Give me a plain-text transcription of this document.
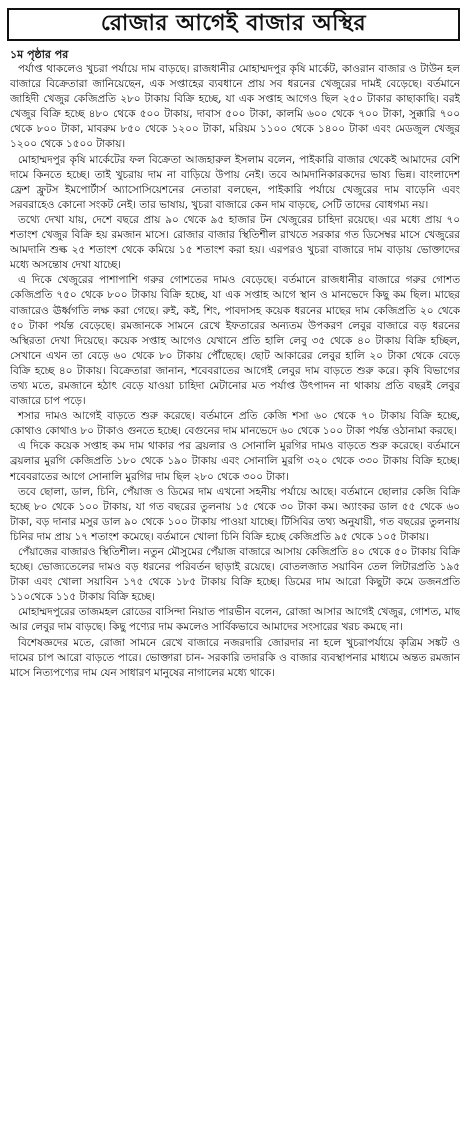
রোজার আগেই বাজার অস্থির
১ম পৃষ্ঠার পর

পর্যাপ্ত থাকলেও খুচরা পর্যায়ে দাম বাড়ছে। রাজধানীর মোহাম্মদপুর কৃষি মার্কেট, কাওরান বাজার ও টাউন হল বাজারে বিক্রেতারা জানিয়েছেন, এক সপ্তাহের ব্যবধানে প্রায় সব ধরনের খেজুরের দামই বেড়েছে। বর্তমানে জাহিদী খেজুর কেজিপ্রতি ২৮০ টাকায় বিক্রি হচ্ছে, যা এক সপ্তাহ আগেও ছিল ২৫০ টাকার কাছাকাছি। বরই খেজুর বিক্রি হচ্ছে ৪৮০ থেকে ৫০০ টাকায়, দাবাস ৫০০ টাকা, কালমি ৬০০ থেকে ৭০০ টাকা, সুক্কারি ৭০০ থেকে ৮০০ টাকা, মাবরুম ৮৫০ থেকে ১২০০ টাকা, মরিয়ম ১১০০ থেকে ১৪০০ টাকা এবং মেডজুল খেজুর ১২০০ থেকে ১৫০০ টাকায়।

মোহাম্মদপুর কৃষি মার্কেটের ফল বিক্রেতা আজহারুল ইসলাম বলেন, পাইকারি বাজার থেকেই আমাদের বেশি দামে কিনতে হচ্ছে। তাই খুচরায় দাম না বাড়িয়ে উপায় নেই। তবে আমদানিকারকদের ভাষ্য ভিন্ন। বাংলাদেশ ফ্রেশ ফ্রুটস ইমপোর্টার্স অ্যাসোসিয়েশনের নেতারা বলছেন, পাইকারি পর্যায়ে খেজুরের দাম বাড়েনি এবং সরবরাহেও কোনো সংকট নেই। তার ভাষায়, খুচরা বাজারে কেন দাম বাড়ছে, সেটি তাদের বোধগম্য নয়।

তথ্যে দেখা যায়, দেশে বছরে প্রায় ৯০ থেকে ৯৫ হাজার টন খেজুরের চাহিদা রয়েছে। এর মধ্যে প্রায় ৭০ শতাংশ খেজুর বিক্রি হয় রমজান মাসে। রোজার বাজার স্থিতিশীল রাখতে সরকার গত ডিসেম্বর মাসে খেজুরের আমদানি শুল্ক ২৫ শতাংশ থেকে কমিয়ে ১৫ শতাংশ করা হয়। এরপরও খুচরা বাজারে দাম বাড়ায় ভোক্তাদের মধ্যে অসন্তোষ দেখা যাচ্ছে।

এ দিকে খেজুরের পাশাপাশি গরুর গোশতের দামও বেড়েছে। বর্তমানে রাজধানীর বাজারে গরুর গোশত কেজিপ্রতি ৭৫০ থেকে ৮০০ টাকায় বিক্রি হচ্ছে, যা এক সপ্তাহ আগে স্থান ও মানভেদে কিছু কম ছিল। মাছের বাজারেও ঊর্ধ্বগতি লক্ষ করা গেছে। রুই, কই, শিং, পাবদাসহ কয়েক ধরনের মাছের দাম কেজিপ্রতি ২০ থেকে ৫০ টাকা পর্যন্ত বেড়েছে। রমজানকে সামনে রেখে ইফতারের অন্যতম উপকরণ লেবুর বাজারে বড় ধরনের অস্থিরতা দেখা দিয়েছে। কয়েক সপ্তাহ আগেও যেখানে প্রতি হালি লেবু ৩৫ থেকে ৪০ টাকায় বিক্রি হচ্ছিল, সেখানে এখন তা বেড়ে ৬০ থেকে ৮০ টাকায় পৌঁছেছে। ছোট আকারের লেবুর হালি ২০ টাকা থেকে বেড়ে বিক্রি হচ্ছে ৪০ টাকায়। বিক্রেতারা জানান, শবেবরাতের আগেই লেবুর দাম বাড়তে শুরু করে। কৃষি বিভাগের তথ্য মতে, রমজানে হঠাৎ বেড়ে যাওয়া চাহিদা মেটানোর মত পর্যাপ্ত উৎপাদন না থাকায় প্রতি বছরই লেবুর বাজারে চাপ পড়ে।

শসার দামও আগেই বাড়তে শুরু করেছে। বর্তমানে প্রতি কেজি শসা ৬০ থেকে ৭০ টাকায় বিক্রি হচ্ছে, কোথাও কোথাও ৮০ টাকাও গুনতে হচ্ছে। বেগুনের দাম মানভেদে ৬০ থেকে ১০০ টাকা পর্যন্ত ওঠানামা করছে।

এ দিকে কয়েক সপ্তাহ কম দাম থাকার পর ব্রয়লার ও সোনালি মুরগির দামও বাড়তে শুরু করেছে। বর্তমানে ব্রয়লার মুরগি কেজিপ্রতি ১৮০ থেকে ১৯০ টাকায় এবং সোনালি মুরগি ৩২০ থেকে ৩৩০ টাকায় বিক্রি হচ্ছে। শবেবরাতের আগে সোনালি মুরগির দাম ছিল ২৮০ থেকে ৩০০ টাকা।

তবে ছোলা, ডাল, চিনি, পেঁয়াজ ও ডিমের দাম এখনো সহনীয় পর্যায়ে আছে। বর্তমানে ছোলার কেজি বিক্রি হচ্ছে ৮০ থেকে ১০০ টাকায়, যা গত বছরের তুলনায় ১৫ থেকে ৩০ টাকা কম। অ্যাংকর ডাল ৫৫ থেকে ৬০ টাকা, বড় দানার মসুর ডাল ৯০ থেকে ১০০ টাকায় পাওয়া যাচ্ছে। টিসিবির তথ্য অনুযায়ী, গত বছরের তুলনায় চিনির দাম প্রায় ১৭ শতাংশ কমেছে। বর্তমানে খোলা চিনি বিক্রি হচ্ছে কেজিপ্রতি ৯৫ থেকে ১০৫ টাকায়।

পেঁয়াজের বাজারও স্থিতিশীল। নতুন মৌসুমের পেঁয়াজ বাজারে আসায় কেজিপ্রতি ৪০ থেকে ৫০ টাকায় বিক্রি হচ্ছে। ভোজ্যতেলের দামও বড় ধরনের পরিবর্তন ছাড়াই রয়েছে। বোতলজাত সয়াবিন তেল লিটারপ্রতি ১৯৫ টাকা এবং খোলা সয়াবিন ১৭৫ থেকে ১৮৫ টাকায় বিক্রি হচ্ছে। ডিমের দাম আরো কিছুটা কমে ডজনপ্রতি ১১০থেকে ১১৫ টাকায় বিক্রি হচ্ছে।

মোহাম্মদপুরের তাজমহল রোডের বাসিন্দা নিয়াত পারভীন বলেন, রোজা আসার আগেই খেজুর, গোশত, মাছ আর লেবুর দাম বাড়ছে। কিছু পণ্যের দাম কমলেও সার্বিকভাবে আমাদের সংসারের খরচ কমছে না।

বিশেষজ্ঞদের মতে, রোজা সামনে রেখে বাজারে নজরদারি জোরদার না হলে খুচরাপর্যায়ে কৃত্রিম সঙ্কট ও দামের চাপ আরো বাড়তে পারে। ভোক্তারা চান- সরকারি তদারকি ও বাজার ব্যবস্থাপনার মাধ্যমে অন্তত রমজান মাসে নিত্যপণ্যের দাম যেন সাধারণ মানুষের নাগালের মধ্যে থাকে।
